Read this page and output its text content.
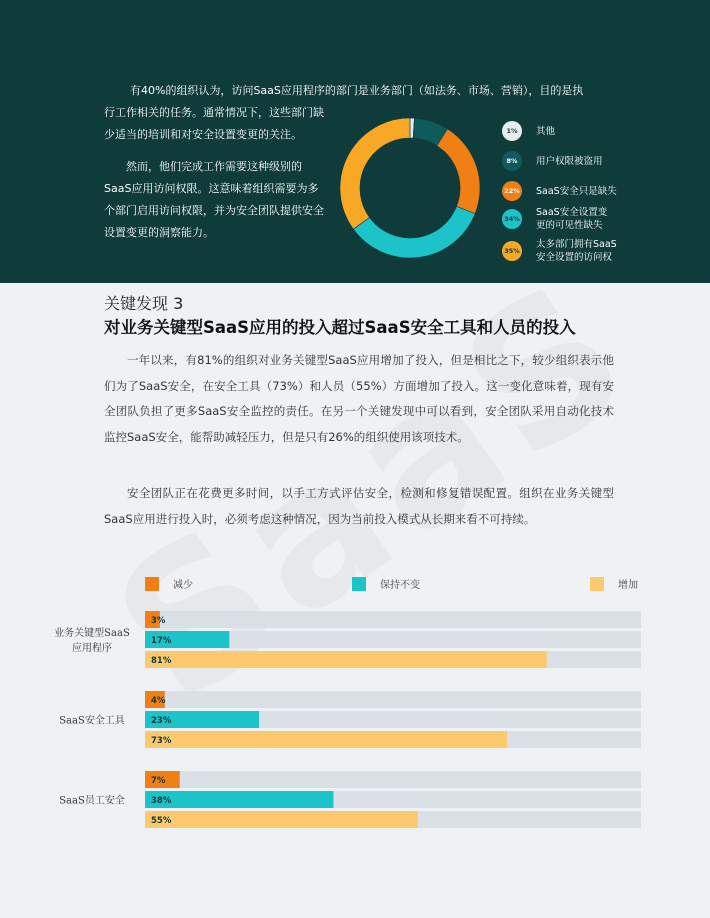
有40%的组织认为，访问SaaS应用程序的部门是业务部门（如法务、市场、营销），目的是执

行工作相关的任务。通常情况下，这些部门缺少适当的培训和对安全设置变更的关注。

然而，他们完成工作需要这种级别的SaaS应用访问权限。这意味着组织需要为多个部门启用访问权限，并为安全团队提供安全设置变更的洞察能力。

1%	其他
8%	用户权限被盗用
22% SaaS安全只是缺失
34%
SaaS安全设置变
更的可见性缺失
35%
太多部门拥有SaaS
安全设置的访问权
关键发现 3
对业务关键型SaaS应用的投入超过SaaS安全工具和人员的投入

一年以来，有81%的组织对业务关键型SaaS应用增加了投入，但是相比之下，较少组织表示他们为了SaaS安全，在安全工具（73%）和人员（55%）方面增加了投入。这一变化意味着，现有安全团队负担了更多SaaS安全监控的责任。在另一个关键发现中可以看到，安全团队采用自动化技术监控SaaS安全，能帮助减轻压力，但是只有26%的组织使用该项技术。

安全团队正在花费更多时间，以手工方式评估安全，检测和修复错误配置。组织在业务关键型SaaS应用进行投入时，必须考虑这种情况，因为当前投入模式从长期来看不可持续。

减少	保持不变	增加
业务关键型SaaS
应用程序
3%
17%
81%
SaaS安全工具
4%
23%
73%
SaaS员工安全
7%
38%
55%
